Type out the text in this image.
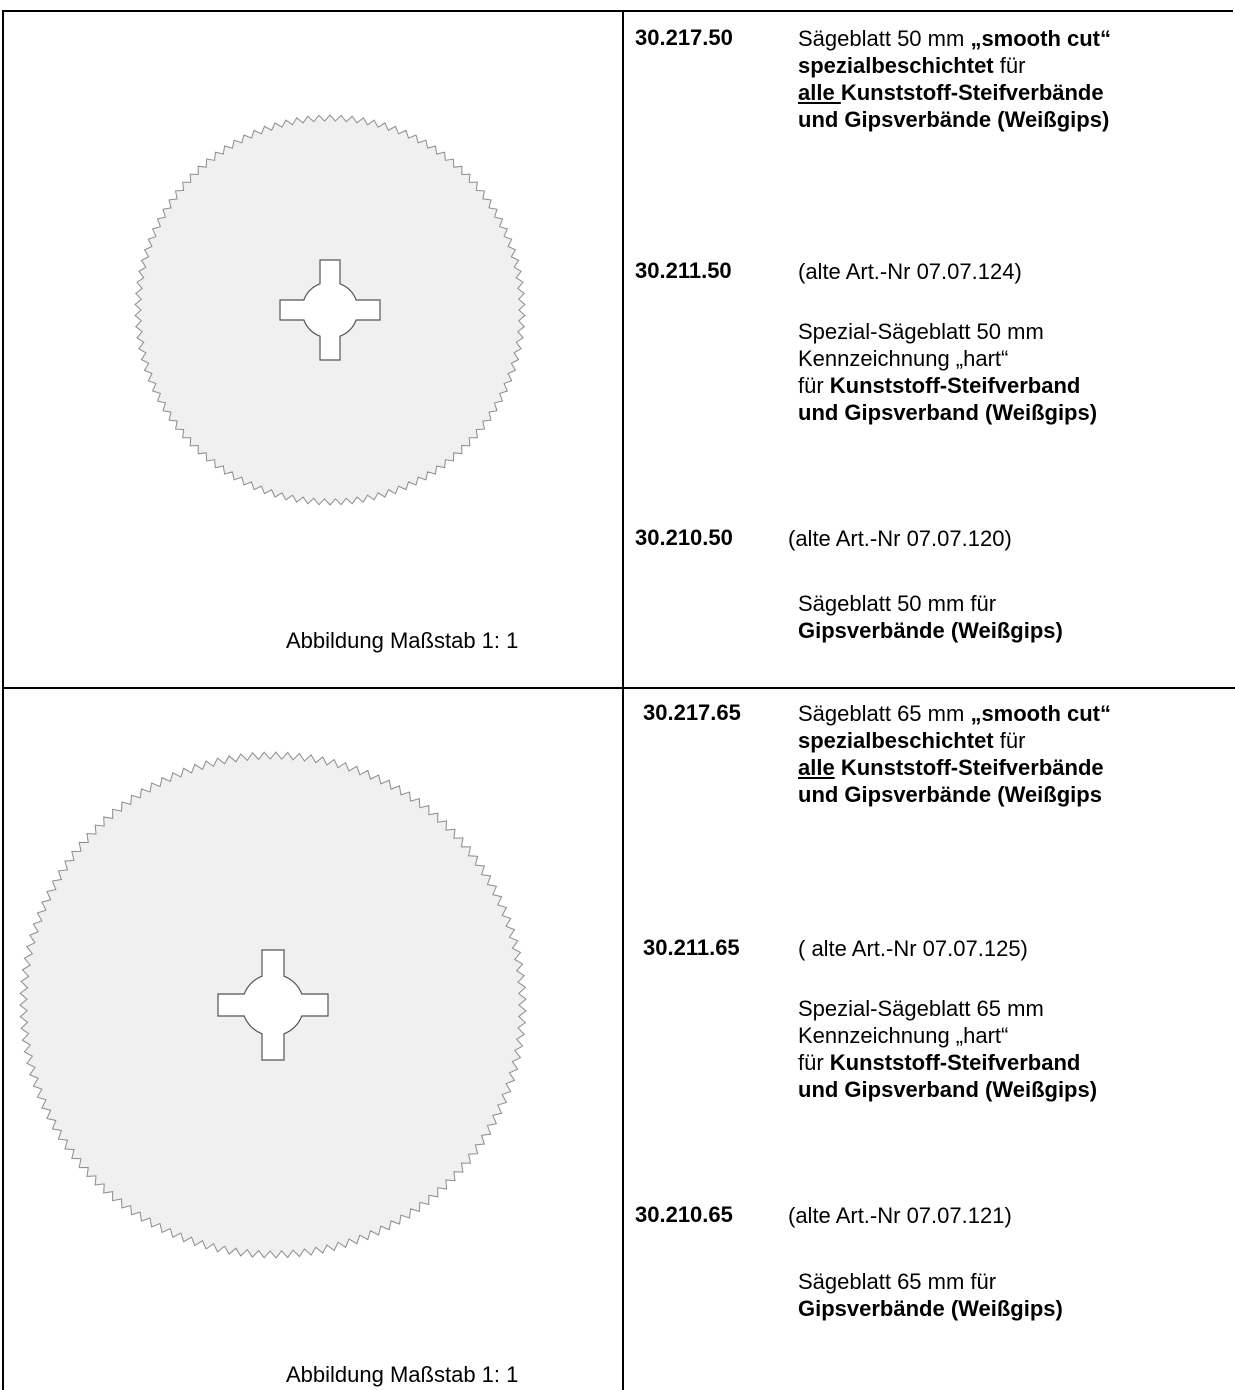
Abbildung Maßstab 1: 1
30.217.50	Sägeblatt 50 mm „smooth cut“
spezialbeschichtet für
alle Kunststoff-Steifverbände
und Gipsverbände (Weißgips)
30.211.50	(alte Art.-Nr 07.07.124)
Spezial-Sägeblatt 50 mm
Kennzeichnung „hart“
für Kunststoff-Steifverband
und Gipsverband (Weißgips)
30.210.50	(alte Art.-Nr 07.07.120)
Sägeblatt 50 mm für
Gipsverbände (Weißgips)
Abbildung Maßstab 1: 1
30.217.65	Sägeblatt 65 mm „smooth cut“
spezialbeschichtet für
alle Kunststoff-Steifverbände
und Gipsverbände (Weißgips
30.211.65	( alte Art.-Nr 07.07.125)
Spezial-Sägeblatt 65 mm
Kennzeichnung „hart“
für Kunststoff-Steifverband
und Gipsverband (Weißgips)
30.210.65	(alte Art.-Nr 07.07.121)
Sägeblatt 65 mm für
Gipsverbände (Weißgips)
